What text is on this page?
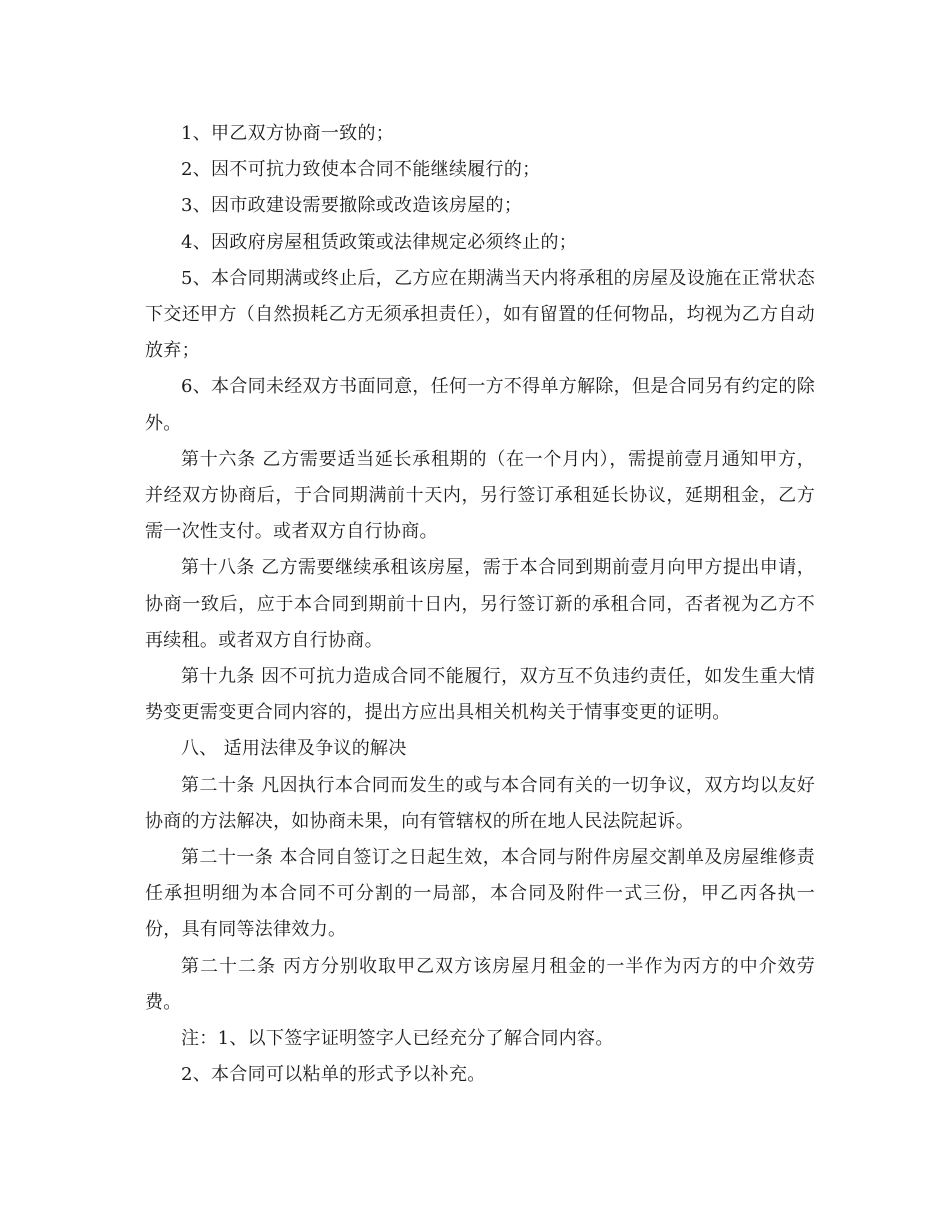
1、甲乙双方协商一致的；

2、因不可抗力致使本合同不能继续履行的；

3、因市政建设需要撤除或改造该房屋的；

4、因政府房屋租赁政策或法律规定必须终止的；

5、本合同期满或终止后，乙方应在期满当天内将承租的房屋及设施在正常状态下交还甲方（自然损耗乙方无须承担责任），如有留置的任何物品，均视为乙方自动放弃；

6、本合同未经双方书面同意，任何一方不得单方解除，但是合同另有约定的除外。

第十六条 乙方需要适当延长承租期的（在一个月内），需提前壹月通知甲方，并经双方协商后，于合同期满前十天内，另行签订承租延长协议，延期租金，乙方需一次性支付。或者双方自行协商。

第十八条 乙方需要继续承租该房屋，需于本合同到期前壹月向甲方提出申请，协商一致后，应于本合同到期前十日内，另行签订新的承租合同，否者视为乙方不再续租。或者双方自行协商。

第十九条 因不可抗力造成合同不能履行，双方互不负违约责任，如发生重大情势变更需变更合同内容的，提出方应出具相关机构关于情事变更的证明。

八、 适用法律及争议的解决

第二十条 凡因执行本合同而发生的或与本合同有关的一切争议，双方均以友好协商的方法解决，如协商未果，向有管辖权的所在地人民法院起诉。

第二十一条 本合同自签订之日起生效，本合同与附件房屋交割单及房屋维修责任承担明细为本合同不可分割的一局部，本合同及附件一式三份，甲乙丙各执一份，具有同等法律效力。

第二十二条 丙方分别收取甲乙双方该房屋月租金的一半作为丙方的中介效劳费。

注：1、以下签字证明签字人已经充分了解合同内容。

2、本合同可以粘单的形式予以补充。
